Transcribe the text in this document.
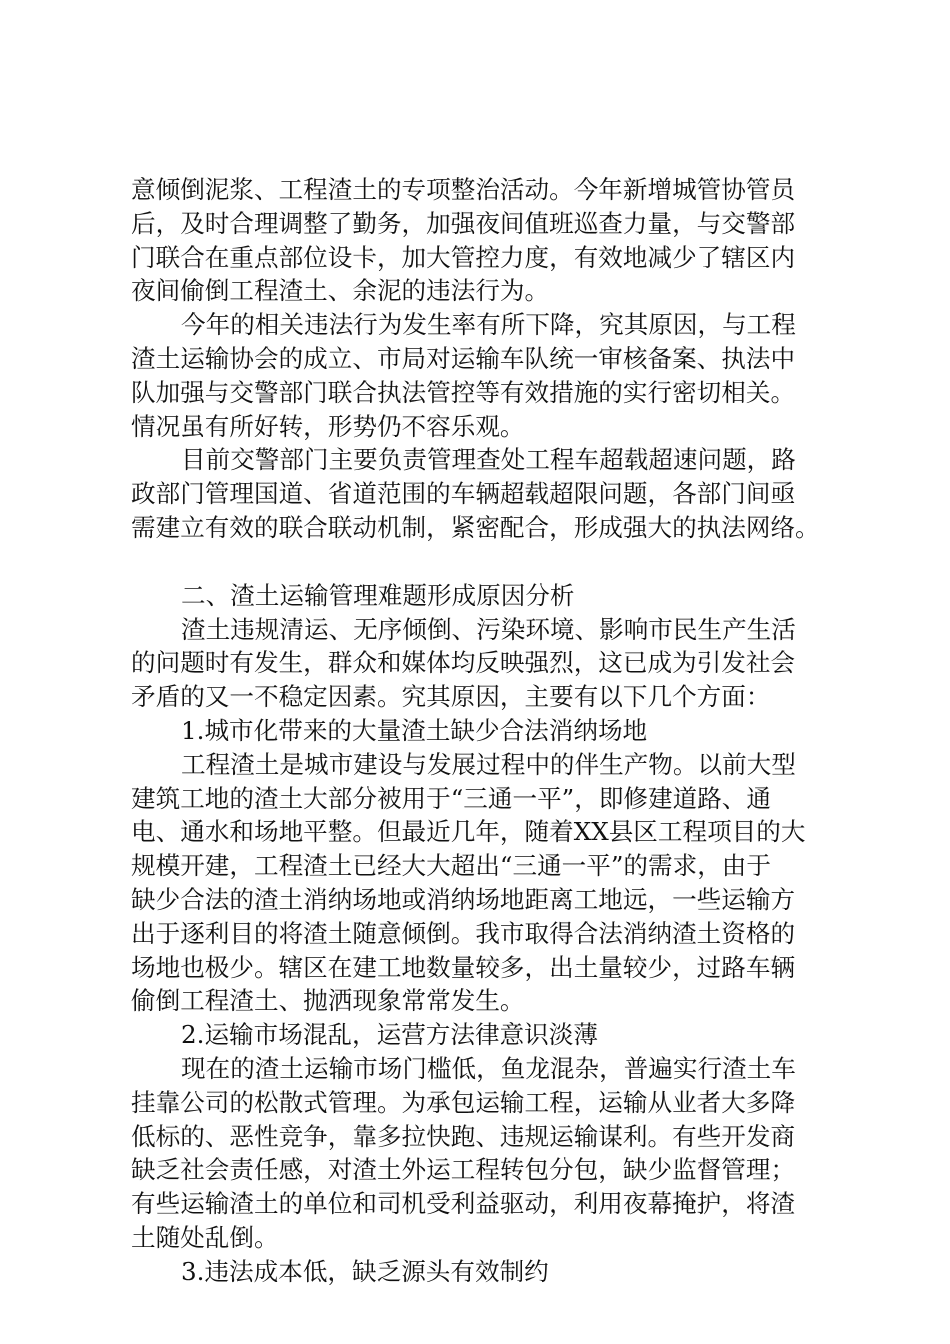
意倾倒泥浆、工程渣土的专项整治活动。今年新增城管协管员
后，及时合理调整了勤务，加强夜间值班巡查力量，与交警部
门联合在重点部位设卡，加大管控力度，有效地减少了辖区内
夜间偷倒工程渣土、余泥的违法行为。
今年的相关违法行为发生率有所下降，究其原因，与工程
渣土运输协会的成立、市局对运输车队统一审核备案、执法中
队加强与交警部门联合执法管控等有效措施的实行密切相关。
情况虽有所好转，形势仍不容乐观。
目前交警部门主要负责管理查处工程车超载超速问题，路
政部门管理国道、省道范围的车辆超载超限问题，各部门间亟
需建立有效的联合联动机制，紧密配合，形成强大的执法网络。
二、渣土运输管理难题形成原因分析
渣土违规清运、无序倾倒、污染环境、影响市民生产生活
的问题时有发生，群众和媒体均反映强烈，这已成为引发社会
矛盾的又一不稳定因素。究其原因，主要有以下几个方面：
1.城市化带来的大量渣土缺少合法消纳场地
工程渣土是城市建设与发展过程中的伴生产物。以前大型
建筑工地的渣土大部分被用于“三通一平”，即修建道路、通
电、通水和场地平整。但最近几年，随着XX县区工程项目的大
规模开建，工程渣土已经大大超出“三通一平”的需求，由于
缺少合法的渣土消纳场地或消纳场地距离工地远，一些运输方
出于逐利目的将渣土随意倾倒。我市取得合法消纳渣土资格的
场地也极少。辖区在建工地数量较多，出土量较少，过路车辆
偷倒工程渣土、抛洒现象常常发生。
2.运输市场混乱，运营方法律意识淡薄
现在的渣土运输市场门槛低，鱼龙混杂，普遍实行渣土车
挂靠公司的松散式管理。为承包运输工程，运输从业者大多降
低标的、恶性竞争，靠多拉快跑、违规运输谋利。有些开发商
缺乏社会责任感，对渣土外运工程转包分包，缺少监督管理；
有些运输渣土的单位和司机受利益驱动，利用夜幕掩护，将渣
土随处乱倒。
3.违法成本低，缺乏源头有效制约
